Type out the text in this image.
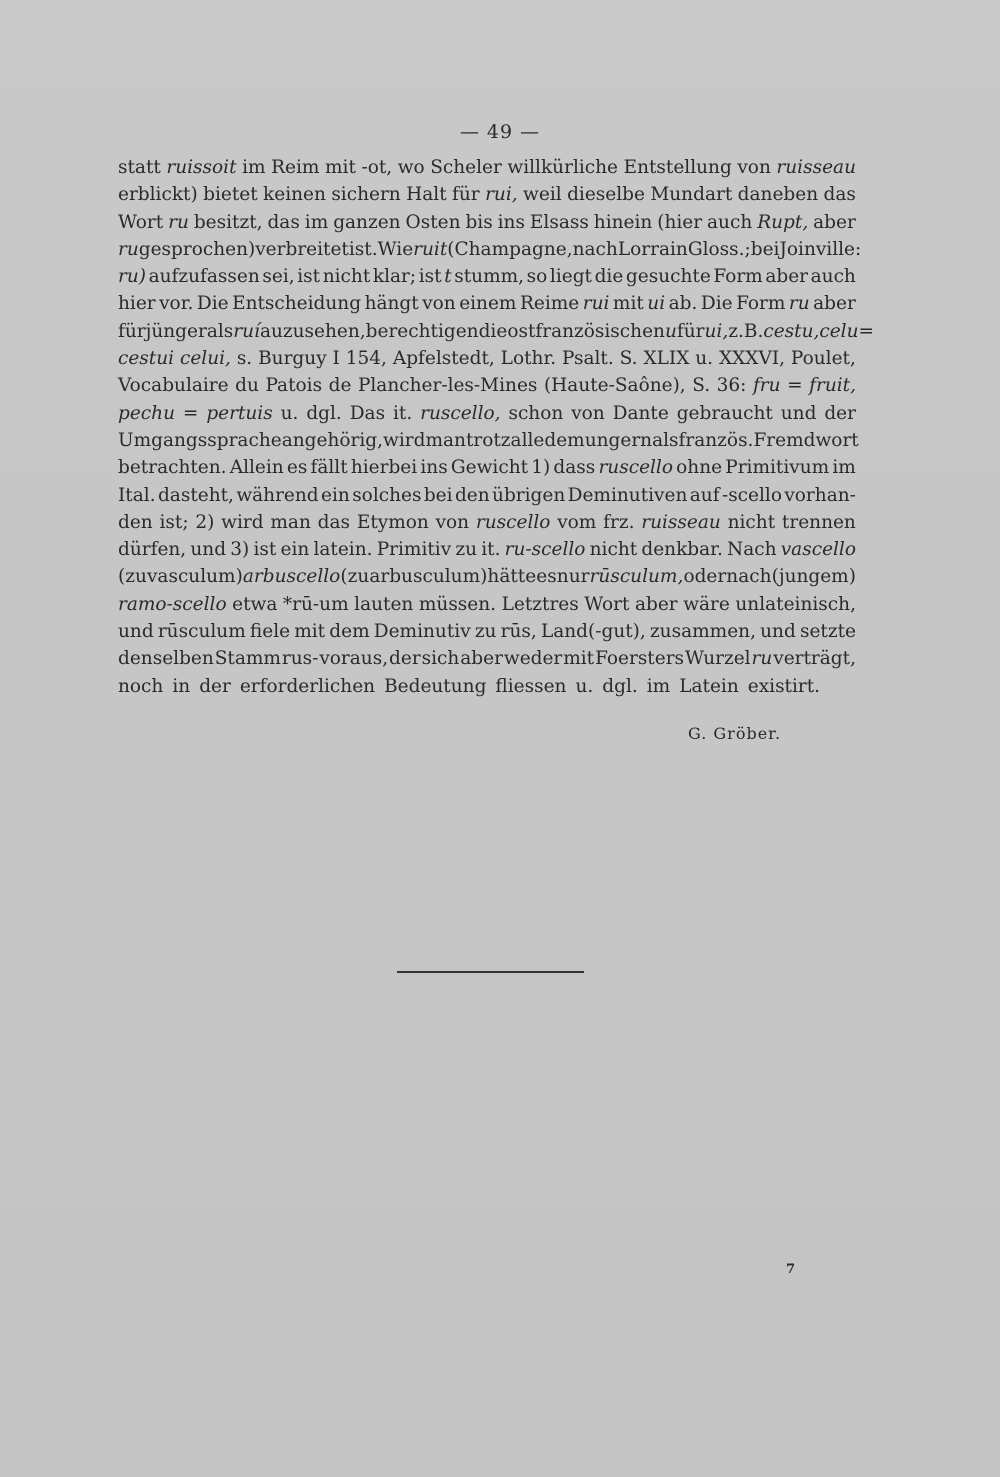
— 49 —
statt ruissoit im Reim mit -ot, wo Scheler willkürliche Entstellung von ruisseau
erblickt) bietet keinen sichern Halt für rui, weil dieselbe Mundart daneben das
Wort ru besitzt, das im ganzen Osten bis ins Elsass hinein (hier auch Rupt, aber
ru gesprochen) verbreitet ist. Wie ruit (Champagne, nach Lorrain Gloss.; bei Joinville:
ru) aufzufassen sei, ist nicht klar; ist t stumm, so liegt die gesuchte Form aber auch
hier vor. Die Entscheidung hängt von einem Reime rui mit ui ab. Die Form ru aber
für jünger als ruí auzusehen, berechtigen die ostfranzösischen u für ui, z. B. cestu, celu=
cestui celui, s. Burguy I 154, Apfelstedt, Lothr. Psalt. S. XLIX u. XXXVI, Poulet,
Vocabulaire du Patois de Plancher-les-Mines (Haute-Saône), S. 36: fru = fruit,
pechu = pertuis u. dgl. Das it. ruscello, schon von Dante gebraucht und der
Umgangssprache angehörig, wird man trotz alledem ungern als französ. Fremdwort
betrachten. Allein es fällt hierbei ins Gewicht 1) dass ruscello ohne Primitivum im
Ital. dasteht, während ein solches bei den übrigen Deminutiven auf -scello vorhan-
den ist; 2) wird man das Etymon von ruscello vom frz. ruisseau nicht trennen
dürfen, und 3) ist ein latein. Primitiv zu it. ru-scello nicht denkbar. Nach vascello
(zu vasculum) arbuscello (zu arbusculum) hätte es nur rūsculum, oder nach (jungem)
ramo-scello etwa *rū-um lauten müssen. Letztres Wort aber wäre unlateinisch,
und rūsculum fiele mit dem Deminutiv zu rūs, Land(-gut), zusammen, und setzte
denselben Stamm rus- voraus, der sich aber weder mit Foersters Wurzel ru verträgt,
noch in der erforderlichen Bedeutung fliessen u. dgl. im Latein existirt.
G. Gröber.
7
